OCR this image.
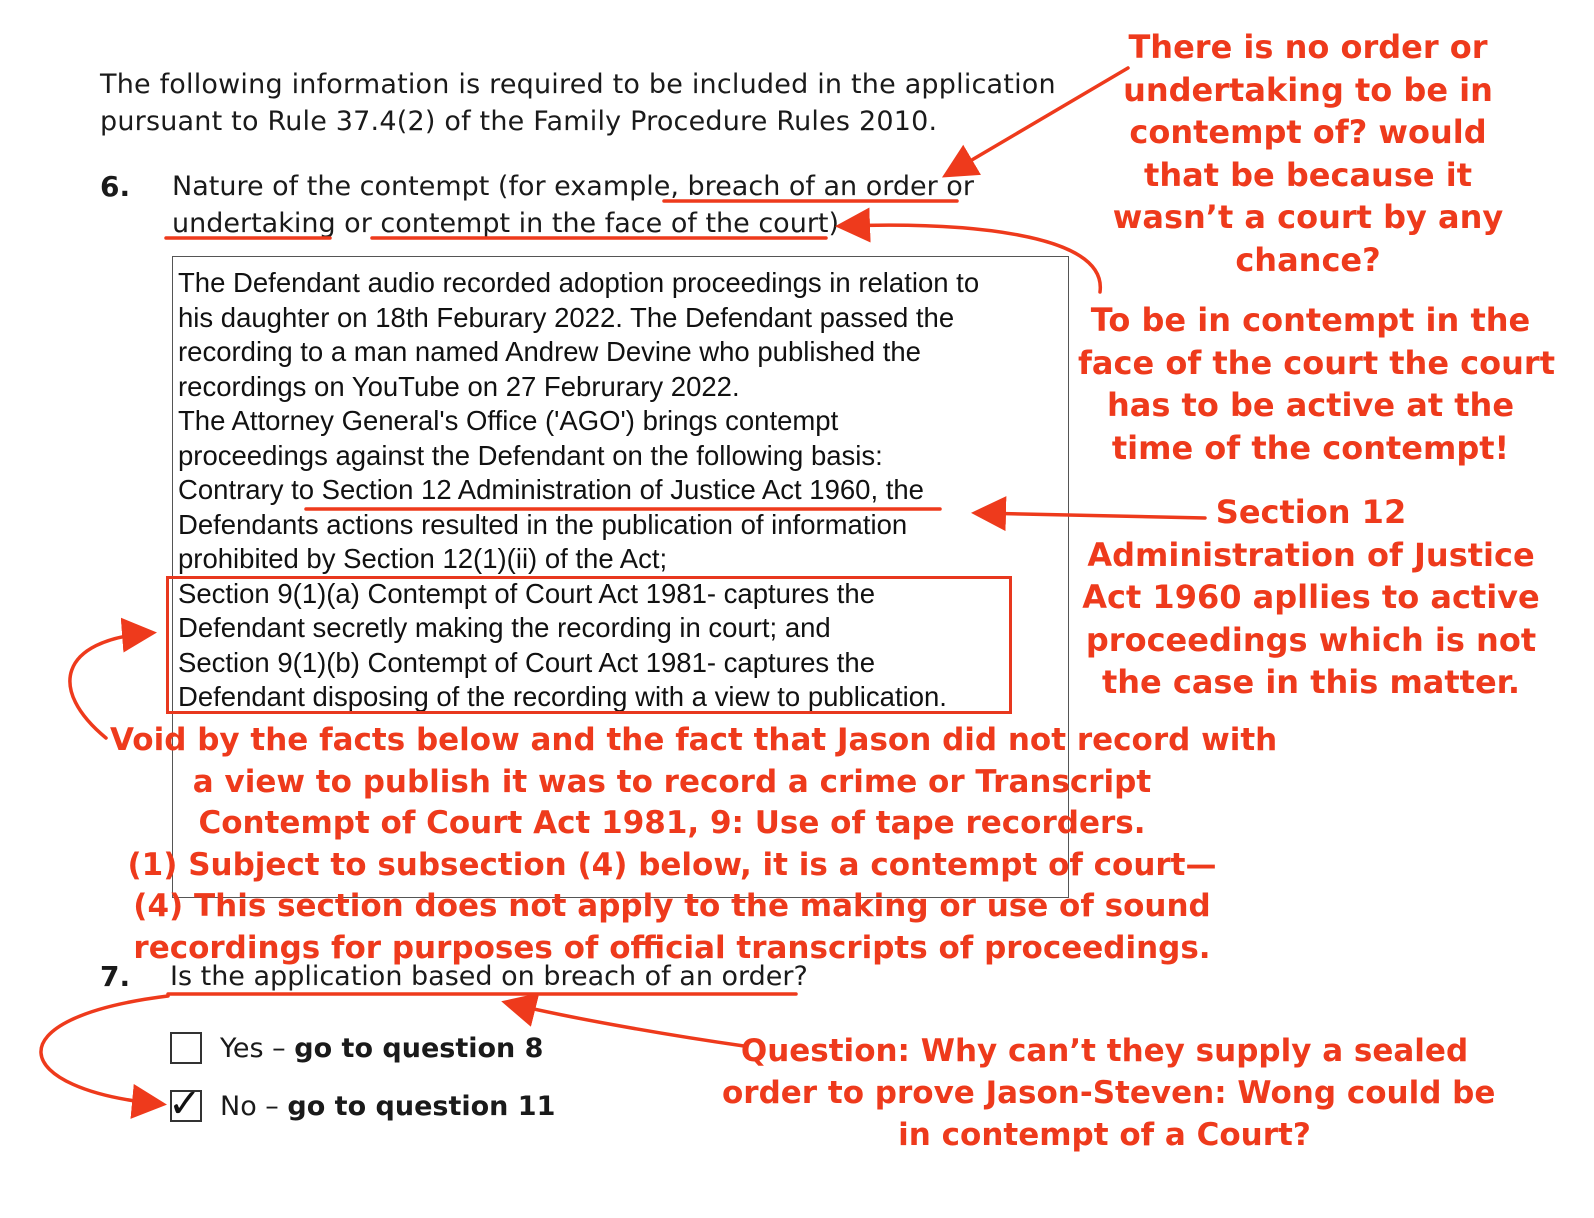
The following information is required to be included in the application
pursuant to Rule 37.4(2) of the Family Procedure Rules 2010.
6. Nature of the contempt (for example, breach of an order or
undertaking or contempt in the face of the court)
The Defendant audio recorded adoption proceedings in relation to
his daughter on 18th Feburary 2022. The Defendant passed the
recording to a man named Andrew Devine who published the
recordings on YouTube on 27 Februrary 2022.
The Attorney General's Office ('AGO') brings contempt
proceedings against the Defendant on the following basis:
Contrary to Section 12 Administration of Justice Act 1960, the
Defendants actions resulted in the publication of information
prohibited by Section 12(1)(ii) of the Act;
Section 9(1)(a) Contempt of Court Act 1981- captures the
Defendant secretly making the recording in court; and
Section 9(1)(b) Contempt of Court Act 1981- captures the
Defendant disposing of the recording with a view to publication.
7. Is the application based on breach of an order?
Yes – go to question 8
✓ No – go to question 11
There is no order or
undertaking to be in
contempt of? would
that be because it
wasn’t a court by any
chance?
To be in contempt in the
face of the court the court
has to be active at the
time of the contempt!
Section 12
Administration of Justice
Act 1960 apllies to active
proceedings which is not
the case in this matter.
Void by the facts below and the fact that Jason did not record with
a view to publish it was to record a crime or Transcript
Contempt of Court Act 1981, 9: Use of tape recorders.
(1) Subject to subsection (4) below, it is a contempt of court—
(4) This section does not apply to the making or use of sound
recordings for purposes of official transcripts of proceedings.
Question: Why can’t they supply a sealed
order to prove Jason-Steven: Wong could be
in contempt of a Court?
